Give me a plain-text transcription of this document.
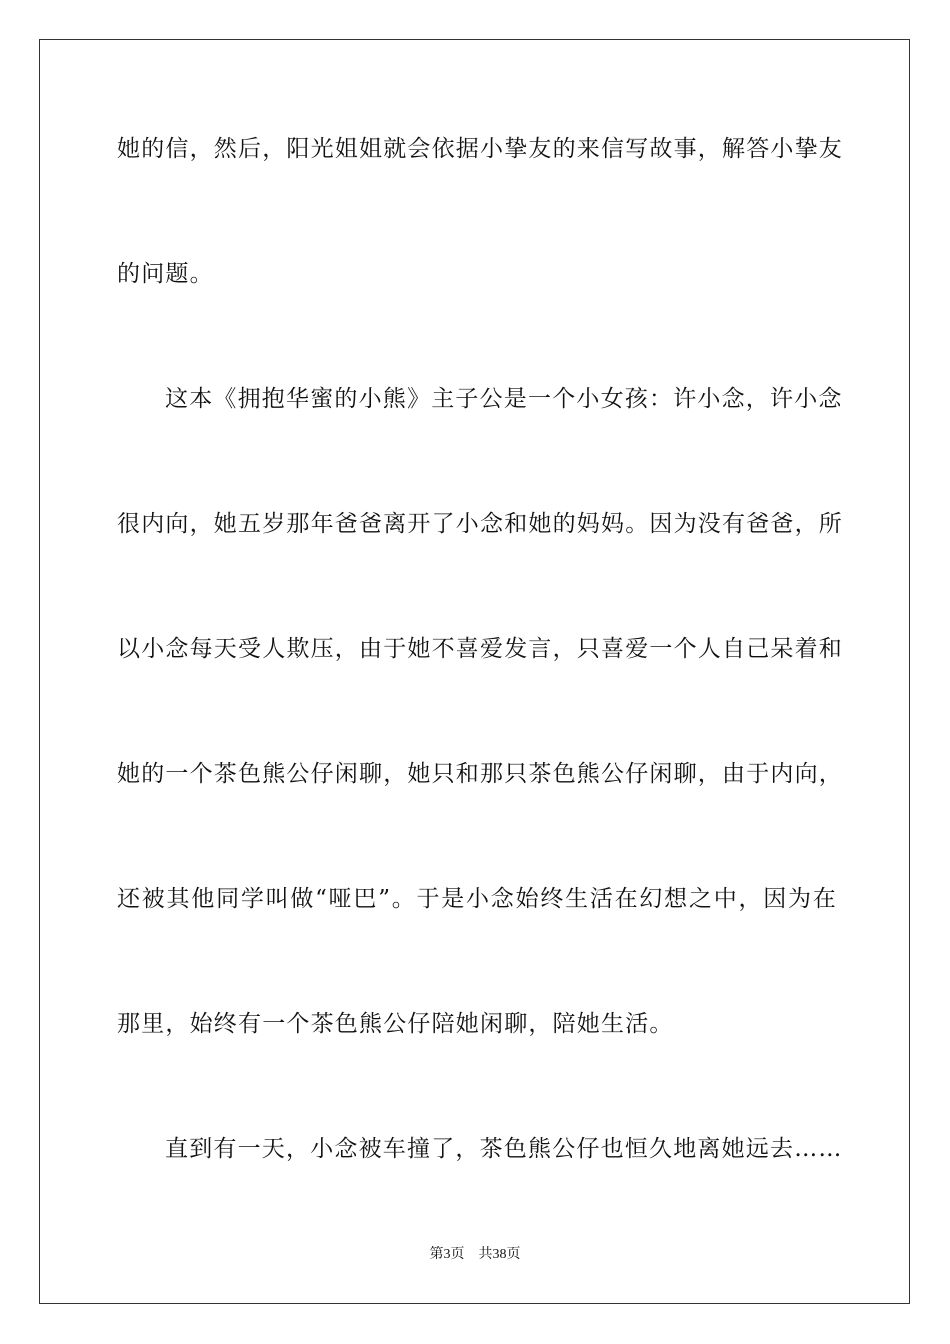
她的信，然后，阳光姐姐就会依据小挚友的来信写故事，解答小挚友
的问题。
这本《拥抱华蜜的小熊》主子公是一个小女孩：许小念，许小念
很内向，她五岁那年爸爸离开了小念和她的妈妈。因为没有爸爸，所
以小念每天受人欺压，由于她不喜爱发言，只喜爱一个人自己呆着和
她的一个茶色熊公仔闲聊，她只和那只茶色熊公仔闲聊，由于内向，
还被其他同学叫做“哑巴”。于是小念始终生活在幻想之中，因为在
那里，始终有一个茶色熊公仔陪她闲聊，陪她生活。
直到有一天，小念被车撞了，茶色熊公仔也恒久地离她远去……
第3页 共38页
